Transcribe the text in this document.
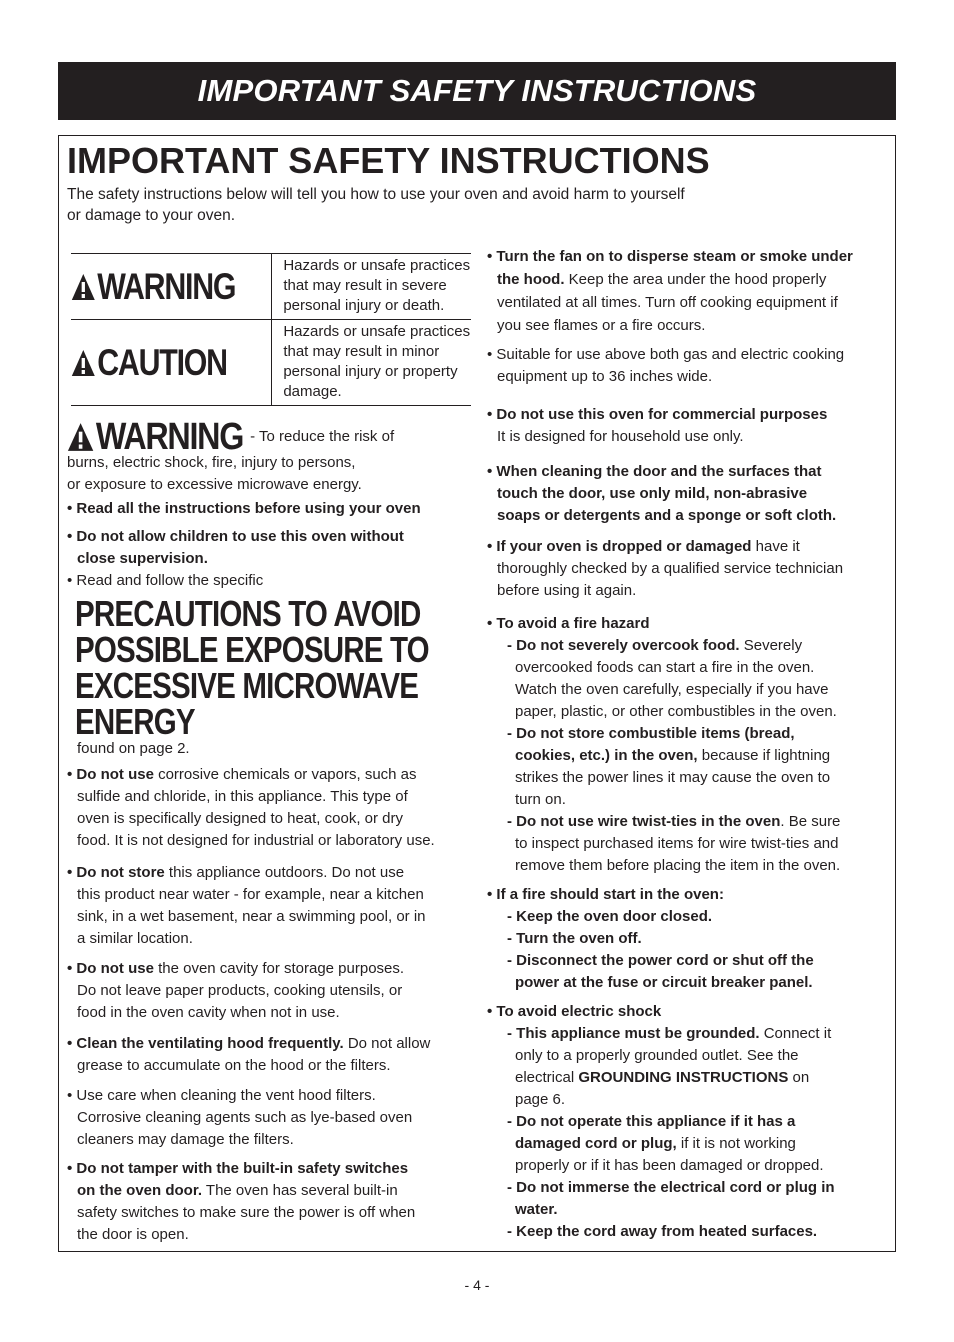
IMPORTANT SAFETY INSTRUCTIONS
IMPORTANT SAFETY INSTRUCTIONS
The safety instructions below will tell you how to use your oven and avoid harm to yourself
or damage to your oven.
WARNING	Hazards or unsafe practices
that may result in severe
personal injury or death.

CAUTION	Hazards or unsafe practices
that may result in minor
personal injury or property
damage.
WARNING - To reduce the risk of
burns, electric shock, fire, injury to persons,
or exposure to excessive microwave energy.
• Read all the instructions before using your oven
• Do not allow children to use this oven without
close supervision.
• Read and follow the specific
PRECAUTIONS TO AVOID
POSSIBLE EXPOSURE TO
EXCESSIVE MICROWAVE
ENERGY
found on page 2.
• Do not use corrosive chemicals or vapors, such as
sulfide and chloride, in this appliance. This type of
oven is specifically designed to heat, cook, or dry
food. It is not designed for industrial or laboratory use.
• Do not store this appliance outdoors. Do not use
this product near water - for example, near a kitchen
sink, in a wet basement, near a swimming pool, or in
a similar location.
• Do not use the oven cavity for storage purposes.
Do not leave paper products, cooking utensils, or
food in the oven cavity when not in use.
• Clean the ventilating hood frequently. Do not allow
grease to accumulate on the hood or the filters.
• Use care when cleaning the vent hood filters.
Corrosive cleaning agents such as lye-based oven
cleaners may damage the filters.
• Do not tamper with the built-in safety switches
on the oven door. The oven has several built-in
safety switches to make sure the power is off when
the door is open.
• Turn the fan on to disperse steam or smoke under
the hood. Keep the area under the hood properly
ventilated at all times. Turn off cooking equipment if
you see flames or a fire occurs.
• Suitable for use above both gas and electric cooking
equipment up to 36 inches wide.
• Do not use this oven for commercial purposes
It is designed for household use only.
• When cleaning the door and the surfaces that
touch the door, use only mild, non-abrasive
soaps or detergents and a sponge or soft cloth.
• If your oven is dropped or damaged have it
thoroughly checked by a qualified service technician
before using it again.
• To avoid a fire hazard
- Do not severely overcook food. Severely
overcooked foods can start a fire in the oven.
Watch the oven carefully, especially if you have
paper, plastic, or other combustibles in the oven.
- Do not store combustible items (bread,
cookies, etc.) in the oven, because if lightning
strikes the power lines it may cause the oven to
turn on.
- Do not use wire twist-ties in the oven. Be sure
to inspect purchased items for wire twist-ties and
remove them before placing the item in the oven.
• If a fire should start in the oven:
- Keep the oven door closed.
- Turn the oven off.
- Disconnect the power cord or shut off the
power at the fuse or circuit breaker panel.
• To avoid electric shock
- This appliance must be grounded. Connect it
only to a properly grounded outlet. See the
electrical GROUNDING INSTRUCTIONS on
page 6.
- Do not operate this appliance if it has a
damaged cord or plug, if it is not working
properly or if it has been damaged or dropped.
- Do not immerse the electrical cord or plug in
water.
- Keep the cord away from heated surfaces.
- 4 -
